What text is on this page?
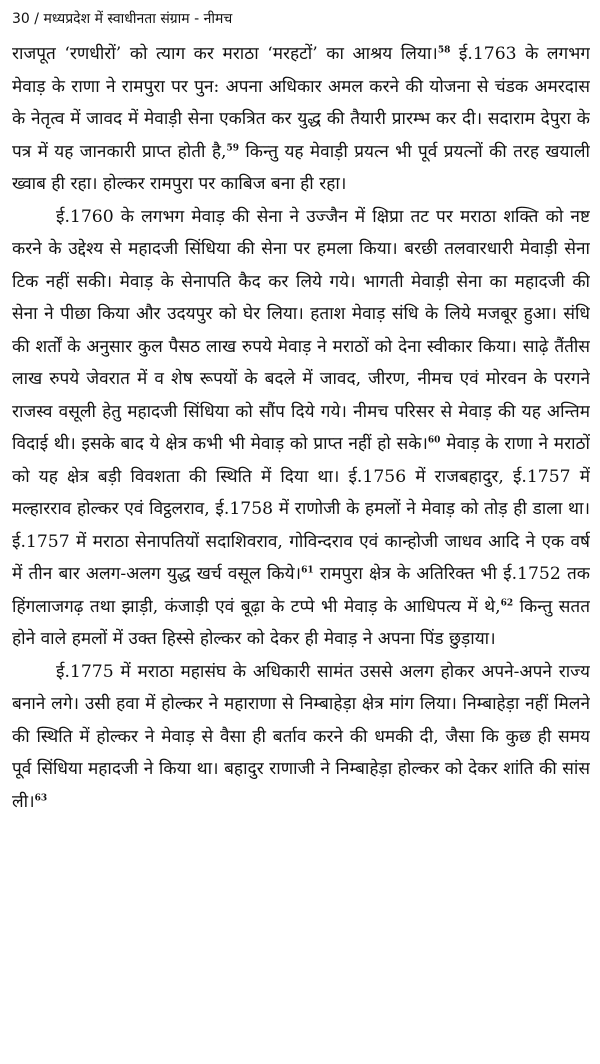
30 / मध्यप्रदेश में स्वाधीनता संग्राम - नीमच

राजपूत ‘रणधीरों’ को त्याग कर मराठा ‘मरहटों’ का आश्रय लिया।$^{58}$ ई.1763 के लगभग मेवाड़ के राणा ने रामपुरा पर पुन: अपना अधिकार अमल करने की योजना से चंडक अमरदास के नेतृत्व में जावद में मेवाड़ी सेना एकत्रित कर युद्ध की तैयारी प्रारम्भ कर दी। सदाराम देपुरा के पत्र में यह जानकारी प्राप्त होती है,$^{59}$ किन्तु यह मेवाड़ी प्रयत्न भी पूर्व प्रयत्नों की तरह खयाली ख्वाब ही रहा। होल्कर रामपुरा पर काबिज बना ही रहा।

ई.1760 के लगभग मेवाड़ की सेना ने उज्जैन में क्षिप्रा तट पर मराठा शक्ति को नष्ट करने के उद्देश्य से महादजी सिंधिया की सेना पर हमला किया। बरछी तलवारधारी मेवाड़ी सेना टिक नहीं सकी। मेवाड़ के सेनापति कैद कर लिये गये। भागती मेवाड़ी सेना का महादजी की सेना ने पीछा किया और उदयपुर को घेर लिया। हताश मेवाड़ संधि के लिये मजबूर हुआ। संधि की शर्तों के अनुसार कुल पैसठ लाख रुपये मेवाड़ ने मराठों को देना स्वीकार किया। साढ़े तैंतीस लाख रुपये जेवरात में व शेष रूपयों के बदले में जावद, जीरण, नीमच एवं मोरवन के परगने राजस्व वसूली हेतु महादजी सिंधिया को सौंप दिये गये। नीमच परिसर से मेवाड़ की यह अन्तिम विदाई थी। इसके बाद ये क्षेत्र कभी भी मेवाड़ को प्राप्त नहीं हो सके।$^{60}$ मेवाड़ के राणा ने मराठों को यह क्षेत्र बड़ी विवशता की स्थिति में दिया था। ई.1756 में राजबहादुर, ई.1757 में मल्हारराव होल्कर एवं विट्ठलराव, ई.1758 में राणोजी के हमलों ने मेवाड़ को तोड़ ही डाला था। ई.1757 में मराठा सेनापतियों सदाशिवराव, गोविन्दराव एवं कान्होजी जाधव आदि ने एक वर्ष में तीन बार अलग-अलग युद्ध खर्च वसूल किये।$^{61}$ रामपुरा क्षेत्र के अतिरिक्त भी ई.1752 तक हिंगलाजगढ़ तथा झाड़ी, कंजाड़ी एवं बूढ़ा के टप्पे भी मेवाड़ के आधिपत्य में थे,$^{62}$ किन्तु सतत होने वाले हमलों में उक्त हिस्से होल्कर को देकर ही मेवाड़ ने अपना पिंड छुड़ाया।

ई.1775 में मराठा महासंघ के अधिकारी सामंत उससे अलग होकर अपने-अपने राज्य बनाने लगे। उसी हवा में होल्कर ने महाराणा से निम्बाहेड़ा क्षेत्र मांग लिया। निम्बाहेड़ा नहीं मिलने की स्थिति में होल्कर ने मेवाड़ से वैसा ही बर्ताव करने की धमकी दी, जैसा कि कुछ ही समय पूर्व सिंधिया महादजी ने किया था। बहादुर राणाजी ने निम्बाहेड़ा होल्कर को देकर शांति की सांस ली।$^{63}$
